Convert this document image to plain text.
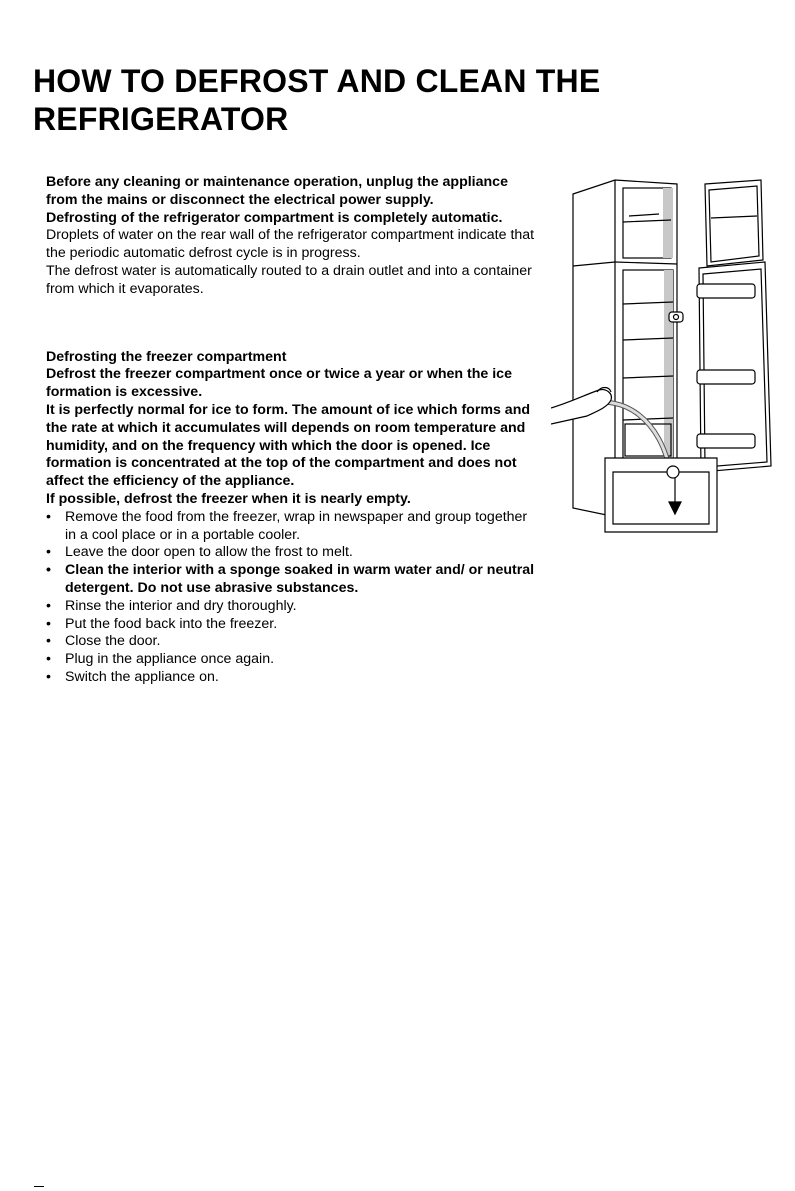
HOW TO DEFROST AND CLEAN THE REFRIGERATOR

Before any cleaning or maintenance operation, unplug the appliance from the mains or disconnect the electrical power supply.

Defrosting of the refrigerator compartment is completely automatic.

Droplets of water on the rear wall of the refrigerator compartment indicate that the periodic automatic defrost cycle is in progress.

The defrost water is automatically routed to a drain outlet and into a container from which it evaporates.

Defrosting the freezer compartment

Defrost the freezer compartment once or twice a year or when the ice formation is excessive.

It is perfectly normal for ice to form. The amount of ice which forms and the rate at which it accumulates will depends on room temperature and humidity, and on the frequency with which the door is opened. Ice formation is concentrated at the top of the compartment and does not affect the efficiency of the appliance.

If possible, defrost the freezer when it is nearly empty.

• Remove the food from the freezer, wrap in newspaper and group together in a cool place or in a portable cooler.
• Leave the door open to allow the frost to melt.
• Clean the interior with a sponge soaked in warm water and/ or neutral detergent. Do not use abrasive substances.
• Rinse the interior and dry thoroughly.
• Put the food back into the freezer.
• Close the door.
• Plug in the appliance once again.
• Switch the appliance on.
